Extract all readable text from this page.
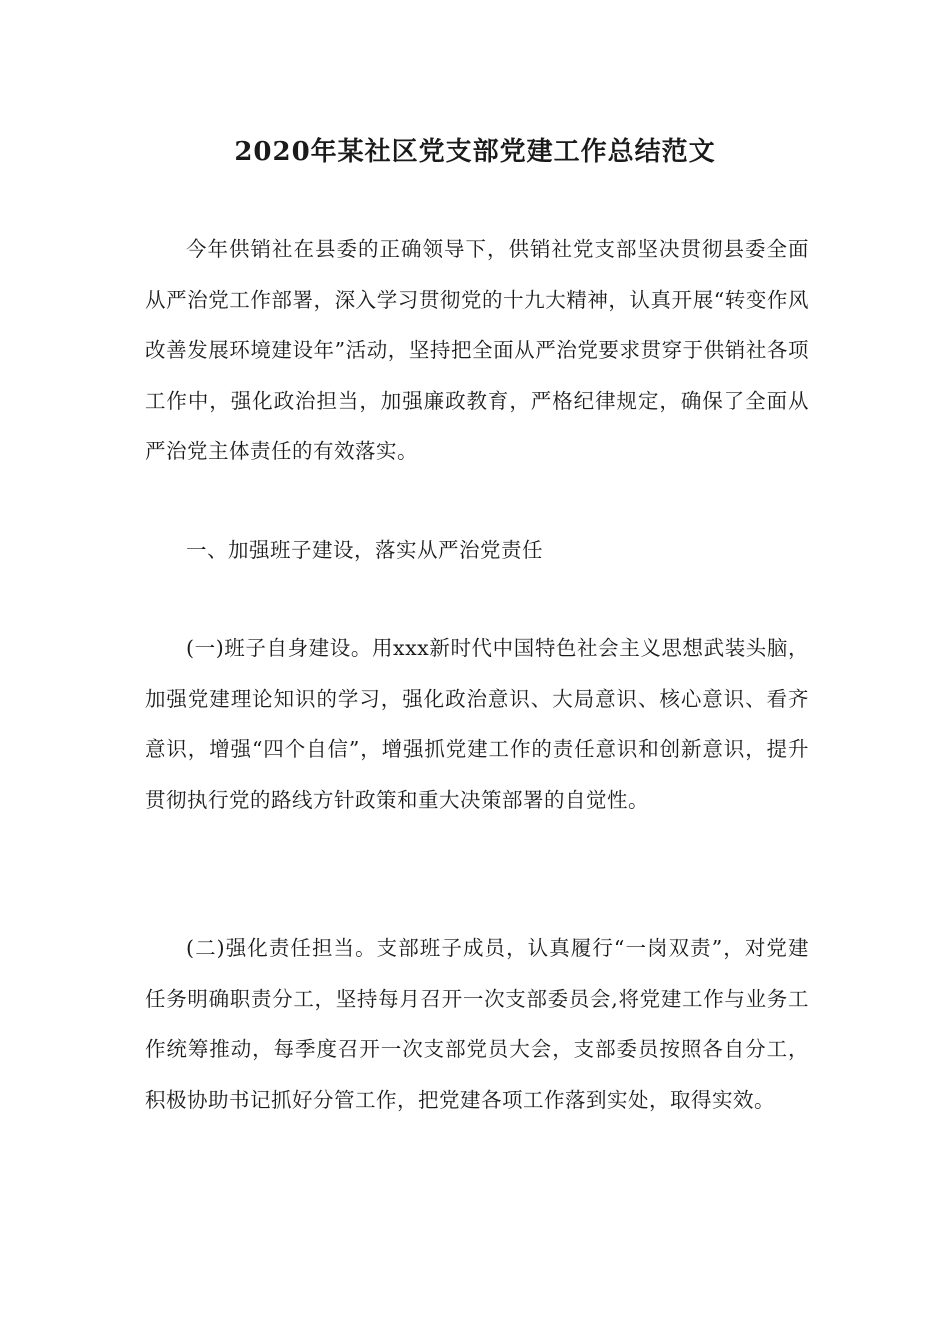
2020年某社区党支部党建工作总结范文

今年供销社在县委的正确领导下，供销社党支部坚决贯彻县委全面从严治党工作部署，深入学习贯彻党的十九大精神，认真开展“转变作风改善发展环境建设年”活动，坚持把全面从严治党要求贯穿于供销社各项工作中，强化政治担当，加强廉政教育，严格纪律规定，确保了全面从严治党主体责任的有效落实。

一、加强班子建设，落实从严治党责任

(一)班子自身建设。用xxx新时代中国特色社会主义思想武装头脑，加强党建理论知识的学习，强化政治意识、大局意识、核心意识、看齐意识，增强“四个自信”，增强抓党建工作的责任意识和创新意识，提升贯彻执行党的路线方针政策和重大决策部署的自觉性。

(二)强化责任担当。支部班子成员，认真履行“一岗双责”，对党建任务明确职责分工，坚持每月召开一次支部委员会,将党建工作与业务工作统筹推动，每季度召开一次支部党员大会，支部委员按照各自分工，积极协助书记抓好分管工作，把党建各项工作落到实处，取得实效。
